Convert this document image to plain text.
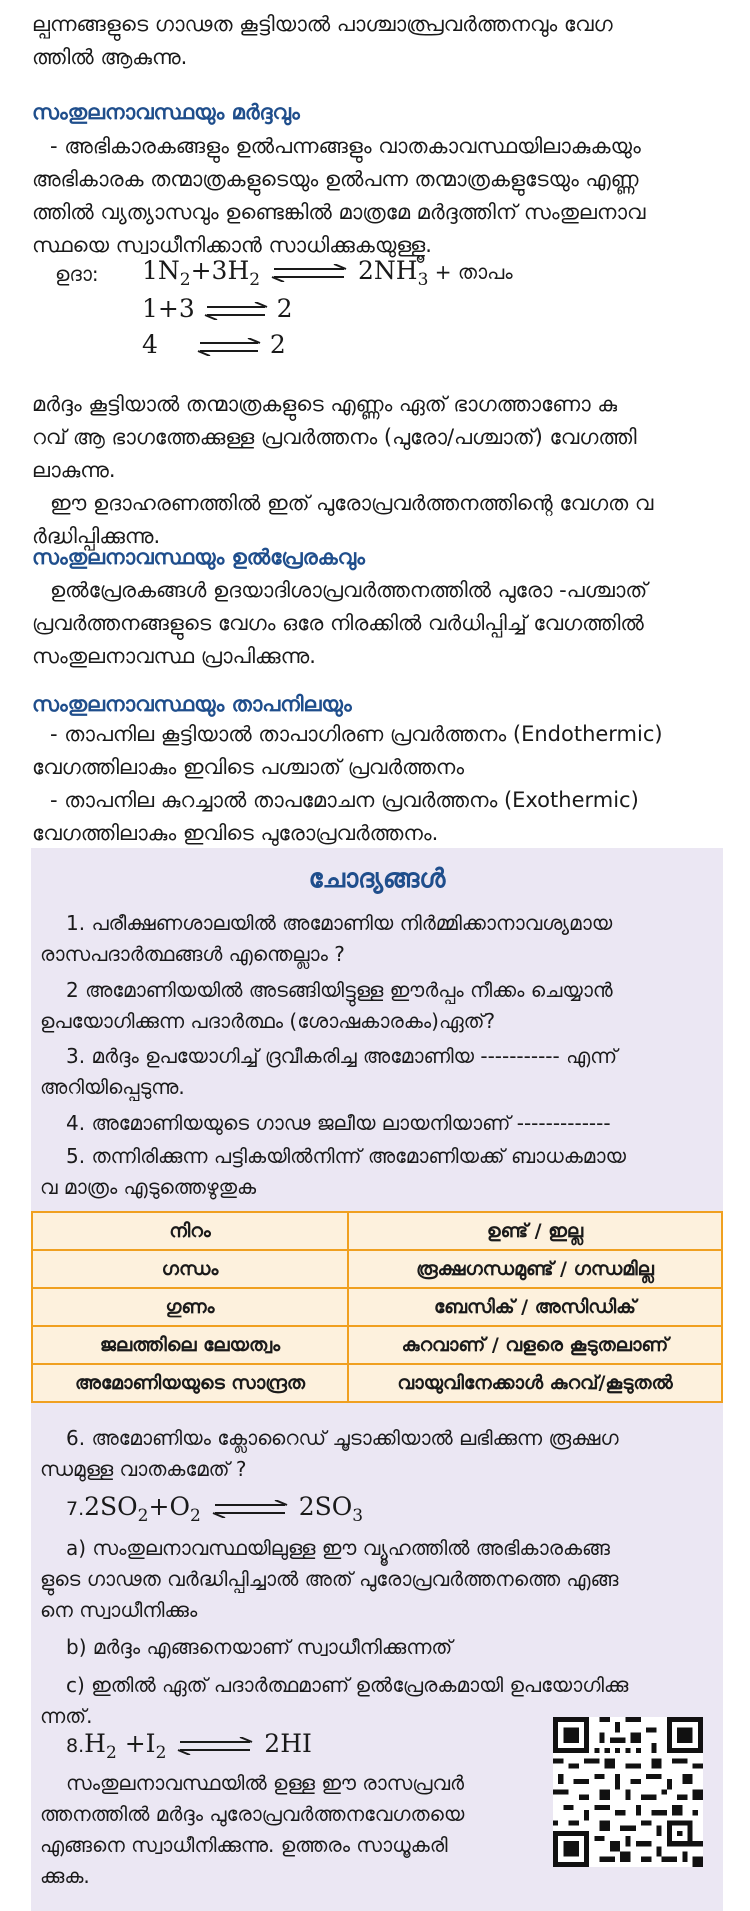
ല്പന്നങ്ങളുടെ ഗാഢത കൂട്ടിയാൽ പാശ്ചാത്പ്രവർത്തനവും വേഗ
ത്തിൽ ആകുന്നു.

സംതുലനാവസ്ഥയും മർദ്ദവും

- അഭികാരകങ്ങളും ഉൽപന്നങ്ങളും വാതകാവസ്ഥയിലാകുകയും
അഭികാരക തന്മാത്രകളുടെയും ഉൽപന്ന തന്മാത്രകളുടേയും എണ്ണ
ത്തിൽ വ്യത്യാസവും ഉണ്ടെങ്കിൽ മാത്രമേ മർദ്ദത്തിന് സംതുലനാവ
സ്ഥയെ സ്വാധീനിക്കാൻ സാധിക്കുകയുള്ളൂ.

ഉദാ: $1N_2+3H_2$ ⇌ $2NH_3$ + താപം
1+3 ⇌ 2
4 ⇌ 2

മർദ്ദം കൂട്ടിയാൽ തന്മാത്രകളുടെ എണ്ണം ഏത് ഭാഗത്താണോ കു
റവ് ആ ഭാഗത്തേക്കുള്ള പ്രവർത്തനം (പുരോ/പശ്ചാത്) വേഗത്തി
ലാകുന്നു.
ഈ ഉദാഹരണത്തിൽ ഇത് പുരോപ്രവർത്തനത്തിന്റെ വേഗത വ
ർദ്ധിപ്പിക്കുന്നു.

സംതുലനാവസ്ഥയും ഉൽപ്രേരകവും

ഉൽപ്രേരകങ്ങൾ ഉദയാദിശാപ്രവർത്തനത്തിൽ പുരോ -പശ്ചാത്
പ്രവർത്തനങ്ങളുടെ വേഗം ഒരേ നിരക്കിൽ വർധിപ്പിച്ച് വേഗത്തിൽ
സംതുലനാവസ്ഥ പ്രാപിക്കുന്നു.

സംതുലനാവസ്ഥയും താപനിലയും

- താപനില കൂട്ടിയാൽ താപാഗിരണ പ്രവർത്തനം (Endothermic)
വേഗത്തിലാകും ഇവിടെ പശ്ചാത് പ്രവർത്തനം
- താപനില കുറച്ചാൽ താപമോചന പ്രവർത്തനം (Exothermic)
വേഗത്തിലാകും ഇവിടെ പുരോപ്രവർത്തനം.

ചോദ്യങ്ങൾ

1. പരീക്ഷണശാലയിൽ അമോണിയ നിർമ്മിക്കാനാവശ്യമായ
രാസപദാർത്ഥങ്ങൾ എന്തെല്ലാം ?

2 അമോണിയയിൽ അടങ്ങിയിട്ടുള്ള ഈർപ്പം നീക്കം ചെയ്യാൻ
ഉപയോഗിക്കുന്ന പദാർത്ഥം (ശോഷകാരകം)ഏത്?

3. മർദ്ദം ഉപയോഗിച്ച് ദ്രവീകരിച്ച അമോണിയ ----------- എന്ന്
അറിയിപ്പെടുന്നു.

4. അമോണിയയുടെ ഗാഢ ജലീയ ലായനിയാണ് -------------

5. തന്നിരിക്കുന്ന പട്ടികയിൽനിന്ന് അമോണിയക്ക് ബാധകമായ
വ മാത്രം എടുത്തെഴുതുക

നിറം	ഉണ്ട് / ഇല്ല
ഗന്ധം	രൂക്ഷഗന്ധമുണ്ട് / ഗന്ധമില്ല
ഗുണം	ബേസിക് / അസിഡിക്
ജലത്തിലെ ലേയത്വം	കുറവാണ് / വളരെ കൂടുതലാണ്
അമോണിയയുടെ സാന്ദ്രത	വായുവിനേക്കാൾ കുറവ്/കൂടുതൽ

6. അമോണിയം ക്ലോറൈഡ് ചൂടാക്കിയാൽ ലഭിക്കുന്ന രൂക്ഷഗ
ന്ധമുള്ള വാതകമേത് ?

$7.2SO_2+O_2$ ⇌ $2SO_3$

a) സംതുലനാവസ്ഥയിലുള്ള ഈ വ്യൂഹത്തിൽ അഭികാരകങ്ങ
ളുടെ ഗാഢത വർദ്ധിപ്പിച്ചാൽ അത് പുരോപ്രവർത്തനത്തെ എങ്ങ
നെ സ്വാധീനിക്കും

b) മർദ്ദം എങ്ങനെയാണ് സ്വാധീനിക്കുന്നത്

c) ഇതിൽ ഏത് പദാർത്ഥമാണ് ഉൽപ്രേരകമായി ഉപയോഗിക്കു
ന്നത്.

$8.H_2 +I_2$ ⇌ 2HI

സംതുലനാവസ്ഥയിൽ ഉള്ള ഈ രാസപ്രവർ
ത്തനത്തിൽ മർദ്ദം പുരോപ്രവർത്തനവേഗതയെ
എങ്ങനെ സ്വാധീനിക്കുന്നു. ഉത്തരം സാധൂകരി
ക്കുക.
